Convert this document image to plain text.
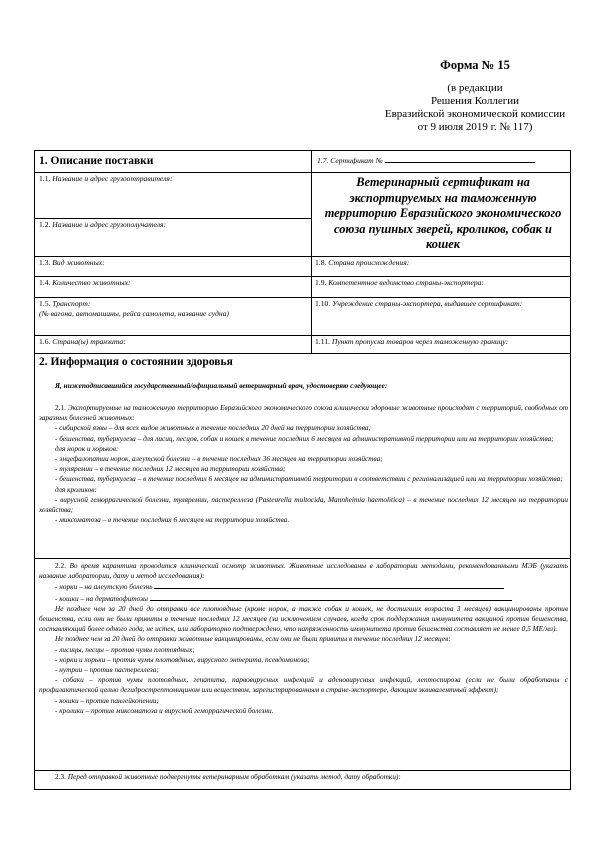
Форма № 15
(в редакции
Решения Коллегии
Евразийской экономической комиссии
от 9 июля 2019 г. № 117)
1. Описание поставки	1.7. Сертификат №
Ветеринарный сертификат на экспортируемых на таможенную территорию Евразийского экономического союза пушных зверей, кроликов, собак и кошек
1.1. Название и адрес грузоотправителя:
1.2. Название и адрес грузополучателя:
1.3. Вид животных:
1.4. Количество животных:
1.5. Транспорт:
(№ вагона, автомашины, рейса самолета, название судна)
1.6. Страна(ы) транзита:
1.8. Страна происхождения:
1.9. Компетентное ведомство страны-экспортера:
1.10. Учреждение страны-экспортера, выдавшее сертификат:
1.11. Пункт пропуска товаров через таможенную границу:
2. Информация о состоянии здоровья

Я, нижеподписавшийся государственный/официальный ветеринарный врач, удостоверяю следующее:

2.1. Экспортируемые на таможенную территорию Евразийского экономического союза клинически здоровые животные происходят с территорий, свободных от заразных болезней животных:

- сибирской язвы – для всех видов животных в течение последних 20 дней на территории хозяйства;

- бешенства, туберкулеза – для лисиц, песцов, собак и кошек в течение последних 6 месяцев на административной территории или на территории хозяйства;

для норок и хорьков:

- энцефалопатии норок, алеутской болезни – в течение последних 36 месяцев на территории хозяйства;

- туляремии – в течение последних 12 месяцев на территории хозяйства;

- бешенства, туберкулеза – в течение последних 6 месяцев на административной территории в соответствии с регионализацией или на территории хозяйства;

для кроликов:

- вирусной геморрагической болезни, туляремии, пастереллеза (Pasteurella multocida, Mannheimia haemolitica) – в течение последних 12 месяцев на территории хозяйства;

- миксоматоза – в течение последних 6 месяцев на территории хозяйства.

2.2. Во время карантина проводится клинический осмотр животных. Животные исследованы в лаборатории методами, рекомендованными МЭБ (указать название лаборатории, дату и метод исследования):

- норки – на алеутскую болезнь

- кошки – на дерматофитозы

Не позднее чем за 20 дней до отправки все плотоядные (кроме норок, а также собак и кошек, не достигших возраста 3 месяцев) вакцинированы против бешенства, если они не были привиты в течение последних 12 месяцев (за исключением случаев, когда срок поддержания иммунитета вакциной против бешенства, составляющий более одного года, не истек, или лабораторно подтверждено, что напряженность иммунитета против бешенства составляет не менее 0,5 МЕ/мл).

Не позднее чем за 20 дней до отправки животные вакцинированы, если они не были привиты в течение последних 12 месяцев:

- лисицы, песцы – против чумы плотоядных;

- норки и хорьки – против чумы плотоядных, вирусного энтерита, псевдомоноза;

- нутрии – против пастереллеза;

- собаки – против чумы плотоядных, гепатита, парвовирусных инфекций и аденовирусных инфекций, лептоспироза (если не были обработаны с профилактической целью дегидрострептомицином или веществом, зарегистрированным в стране-экспортере, дающим эквивалентный эффект);

- кошки – против панлейкопении;

- кролики – против миксоматоза и вирусной геморрагической болезни.

2.3. Перед отправкой животные подвергнуты ветеринарным обработкам (указать метод, дату обработки):
